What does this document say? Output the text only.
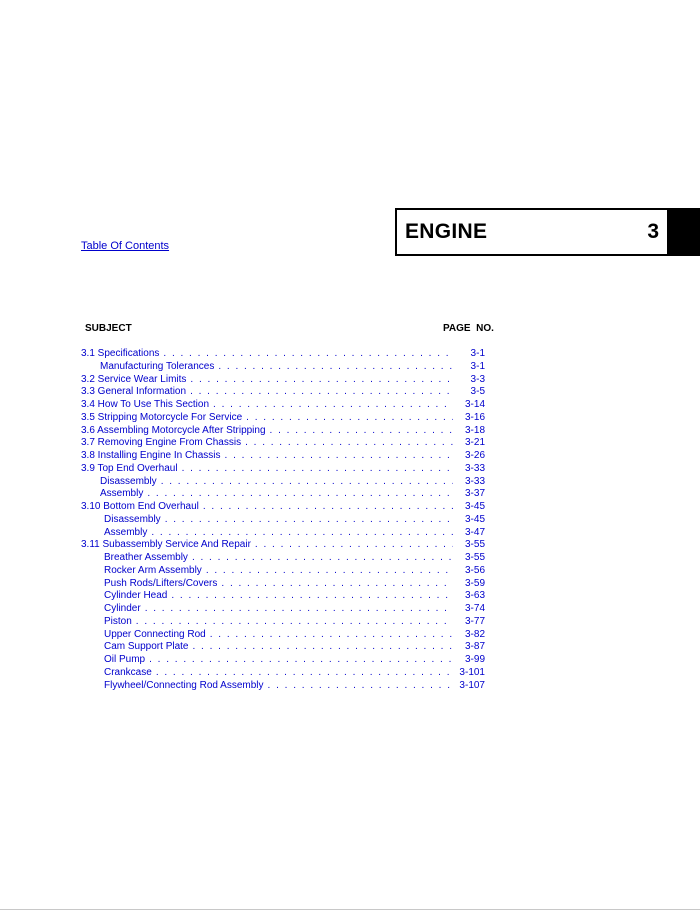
ENGINE	3
Table Of Contents
SUBJECT	PAGE  NO.
3.1 Specifications . . .	3-1
Manufacturing Tolerances . . .	3-1
3.2 Service Wear Limits . . .	3-3
3.3 General Information . . .	3-5
3.4 How To Use This Section . . .	3-14
3.5 Stripping Motorcycle For Service . . .	3-16
3.6 Assembling Motorcycle After Stripping . . .	3-18
3.7 Removing Engine From Chassis . . .	3-21
3.8 Installing Engine In Chassis . . .	3-26
3.9 Top End Overhaul . . .	3-33
Disassembly . . .	3-33
Assembly . . .	3-37
3.10 Bottom End Overhaul . . .	3-45
Disassembly . . .	3-45
Assembly . . .	3-47
3.11 Subassembly Service And Repair . . .	3-55
Breather Assembly . . .	3-55
Rocker Arm Assembly . . .	3-56
Push Rods/Lifters/Covers . . .	3-59
Cylinder Head . . .	3-63
Cylinder . . .	3-74
Piston . . .	3-77
Upper Connecting Rod . . .	3-82
Cam Support Plate . . .	3-87
Oil Pump . . .	3-99
Crankcase . . .	3-101
Flywheel/Connecting Rod Assembly . . .	3-107
